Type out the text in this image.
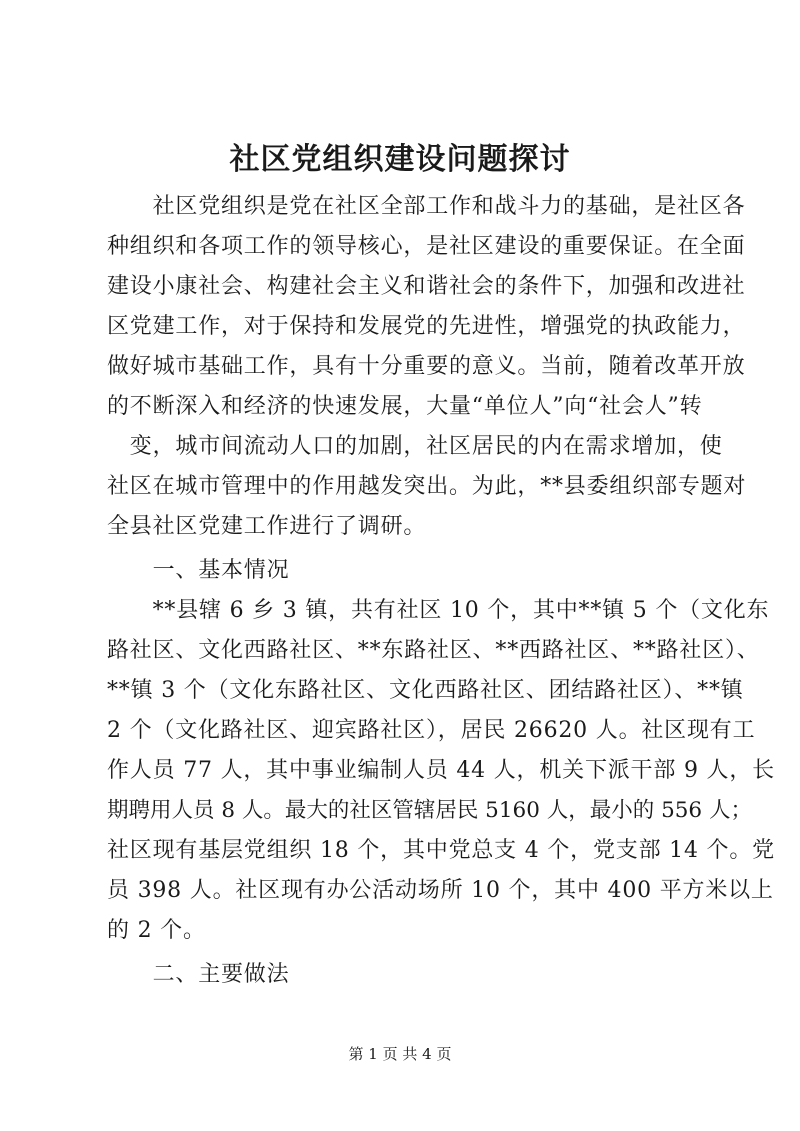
社区党组织建设问题探讨
　　社区党组织是党在社区全部工作和战斗力的基础，是社区各
种组织和各项工作的领导核心，是社区建设的重要保证。在全面
建设小康社会、构建社会主义和谐社会的条件下，加强和改进社
区党建工作，对于保持和发展党的先进性，增强党的执政能力，
做好城市基础工作，具有十分重要的意义。当前，随着改革开放
的不断深入和经济的快速发展，大量“单位人”向“社会人”转
　变，城市间流动人口的加剧，社区居民的内在需求增加，使
社区在城市管理中的作用越发突出。为此，**县委组织部专题对
全县社区党建工作进行了调研。
　　一、基本情况
　　**县辖 6 乡 3 镇，共有社区 10 个，其中**镇 5 个（文化东
路社区、文化西路社区、**东路社区、**西路社区、**路社区）、
**镇 3 个（文化东路社区、文化西路社区、团结路社区）、**镇
2 个（文化路社区、迎宾路社区），居民 26620 人。社区现有工
作人员 77 人，其中事业编制人员 44 人，机关下派干部 9 人，长
期聘用人员 8 人。最大的社区管辖居民 5160 人，最小的 556 人；
社区现有基层党组织 18 个，其中党总支 4 个，党支部 14 个。党
员 398 人。社区现有办公活动场所 10 个，其中 400 平方米以上
的 2 个。
　　二、主要做法
第 1 页 共 4 页
